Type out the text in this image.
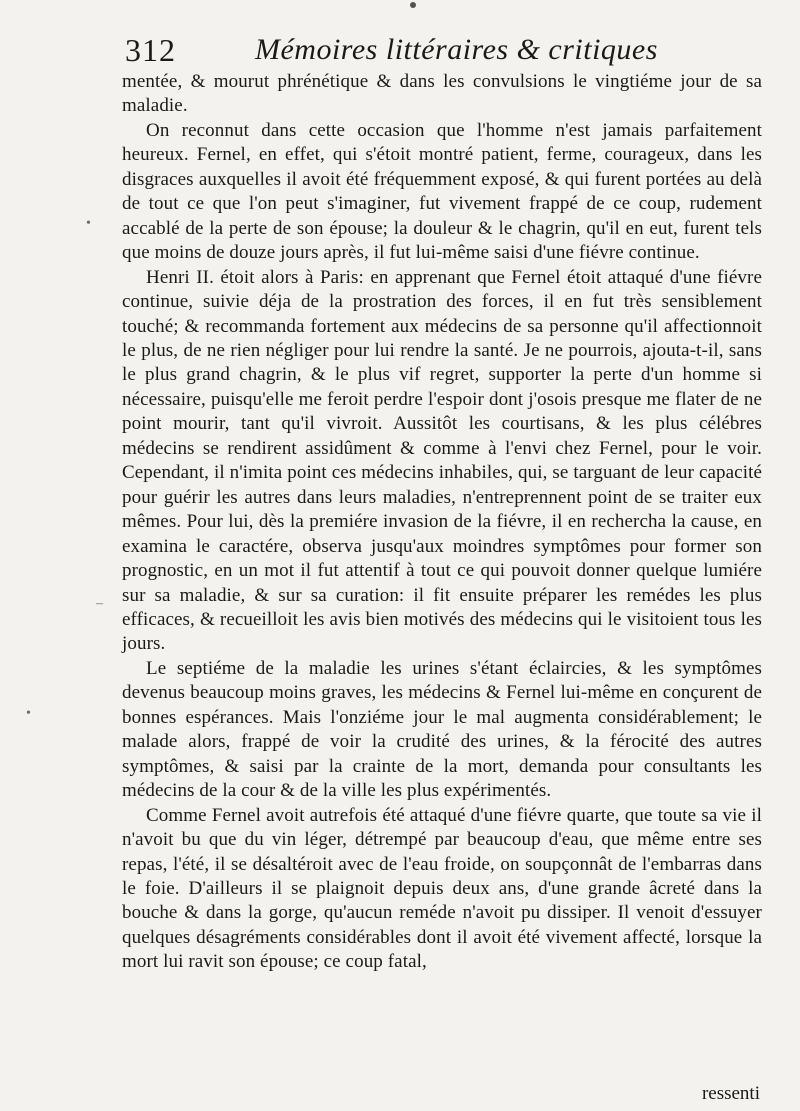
312	Mémoires littéraires & critiques

mentée, & mourut phrénétique & dans les convulsions le vingtiéme jour de sa maladie.

On reconnut dans cette occasion que l'homme n'est jamais parfaitement heureux. Fernel, en effet, qui s'étoit montré patient, ferme, courageux, dans les disgraces auxquelles il avoit été fréquemment exposé, & qui furent portées au delà de tout ce que l'on peut s'imaginer, fut vivement frappé de ce coup, rudement accablé de la perte de son épouse; la douleur & le chagrin, qu'il en eut, furent tels que moins de douze jours après, il fut lui-même saisi d'une fiévre continue.

Henri II. étoit alors à Paris: en apprenant que Fernel étoit attaqué d'une fiévre continue, suivie déja de la prostration des forces, il en fut très sensiblement touché; & recommanda fortement aux médecins de sa personne qu'il affectionnoit le plus, de ne rien négliger pour lui rendre la santé. Je ne pourrois, ajouta-t-il, sans le plus grand chagrin, & le plus vif regret, supporter la perte d'un homme si nécessaire, puisqu'elle me feroit perdre l'espoir dont j'osois presque me flater de ne point mourir, tant qu'il vivroit. Aussitôt les courtisans, & les plus célébres médecins se rendirent assidûment & comme à l'envi chez Fernel, pour le voir. Cependant, il n'imita point ces médecins inhabiles, qui, se targuant de leur capacité pour guérir les autres dans leurs maladies, n'entreprennent point de se traiter eux mêmes. Pour lui, dès la premiére invasion de la fiévre, il en recherchа la cause, en examina le caractére, observa jusqu'aux moindres symptômes pour former son prognostic, en un mot il fut attentif à tout ce qui pouvoit donner quelque lumiére sur sa maladie, & sur sa curation: il fit ensuite préparer les remédes les plus efficaces, & recueilloit les avis bien motivés des médecins qui le visitoient tous les jours.

Le septiéme de la maladie les urines s'étant éclaircies, & les symptômes devenus beaucoup moins graves, les médecins & Fernel lui-même en conçurent de bonnes espérances. Mais l'onziéme jour le mal augmenta considérablement; le malade alors, frappé de voir la crudité des urines, & la férocité des autres symptômes, & saisi par la crainte de la mort, demanda pour consultants les médecins de la cour & de la ville les plus expérimentés.

Comme Fernel avoit autrefois été attaqué d'une fiévre quarte, que toute sa vie il n'avoit bu que du vin léger, détrempé par beaucoup d'eau, que même entre ses repas, l'été, il se désaltéroit avec de l'eau froide, on soupçonnât de l'embarras dans le foie. D'ailleurs il se plaignoit depuis deux ans, d'une grande âcreté dans la bouche & dans la gorge, qu'aucun reméde n'avoit pu dissiper. Il venoit d'essuyer quelques désagréments considérables dont il avoit été vivement affecté, lorsque la mort lui ravit son épouse; ce coup fatal,

•
–
•
ressenti
